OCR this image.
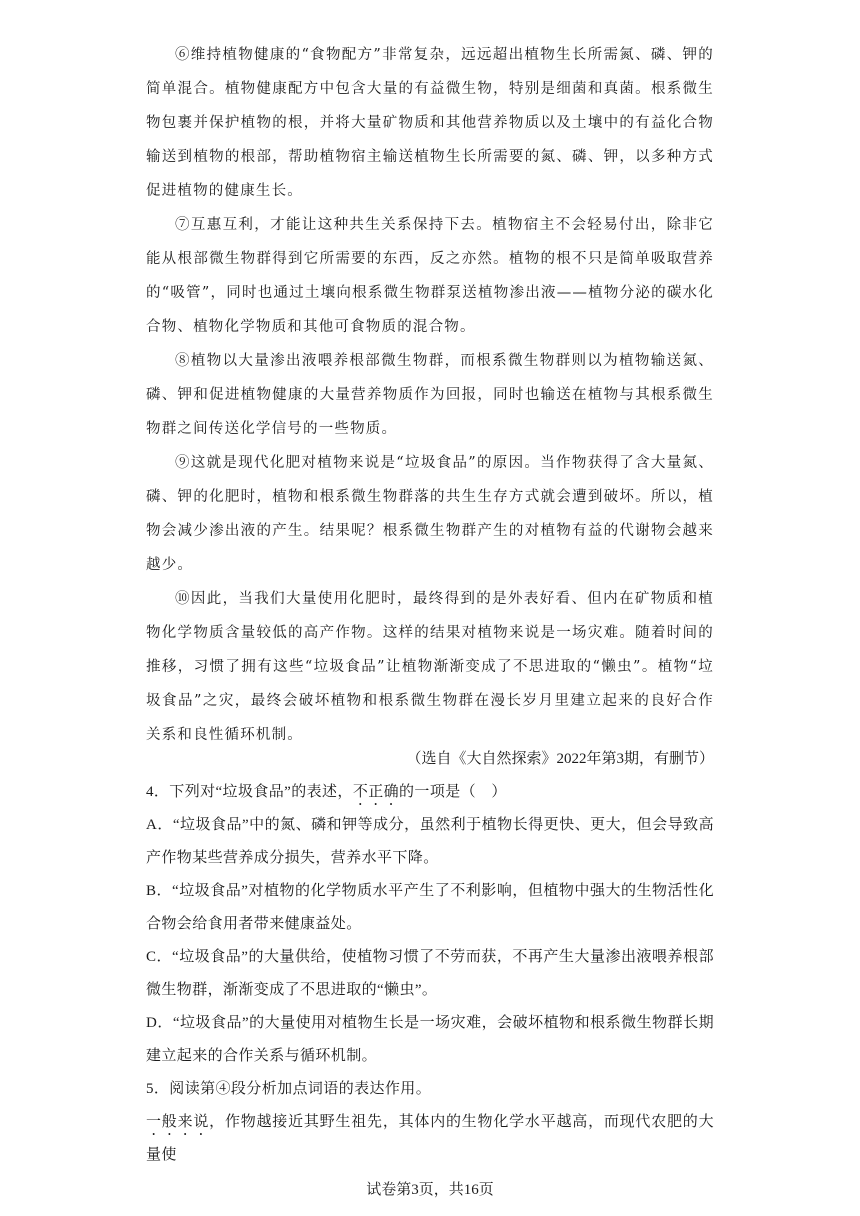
⑥维持植物健康的“食物配方”非常复杂，远远超出植物生长所需氮、磷、钾的简单混合。植物健康配方中包含大量的有益微生物，特别是细菌和真菌。根系微生物包裹并保护植物的根，并将大量矿物质和其他营养物质以及土壤中的有益化合物输送到植物的根部，帮助植物宿主输送植物生长所需要的氮、磷、钾，以多种方式促进植物的健康生长。

⑦互惠互利，才能让这种共生关系保持下去。植物宿主不会轻易付出，除非它能从根部微生物群得到它所需要的东西，反之亦然。植物的根不只是简单吸取营养的“吸管”，同时也通过土壤向根系微生物群泵送植物渗出液——植物分泌的碳水化合物、植物化学物质和其他可食物质的混合物。

⑧植物以大量渗出液喂养根部微生物群，而根系微生物群则以为植物输送氮、磷、钾和促进植物健康的大量营养物质作为回报，同时也输送在植物与其根系微生物群之间传送化学信号的一些物质。

⑨这就是现代化肥对植物来说是“垃圾食品”的原因。当作物获得了含大量氮、磷、钾的化肥时，植物和根系微生物群落的共生生存方式就会遭到破坏。所以，植物会减少渗出液的产生。结果呢？根系微生物群产生的对植物有益的代谢物会越来越少。

⑩因此，当我们大量使用化肥时，最终得到的是外表好看、但内在矿物质和植物化学物质含量较低的高产作物。这样的结果对植物来说是一场灾难。随着时间的推移，习惯了拥有这些“垃圾食品”让植物渐渐变成了不思进取的“懒虫”。植物“垃圾食品”之灾，最终会破坏植物和根系微生物群在漫长岁月里建立起来的良好合作关系和良性循环机制。

（选自《大自然探索》2022年第3期，有删节）

4．下列对“垃圾食品”的表述，不正确的一项是（　）

A．“垃圾食品”中的氮、磷和钾等成分，虽然利于植物长得更快、更大，但会导致高产作物某些营养成分损失，营养水平下降。

B．“垃圾食品”对植物的化学物质水平产生了不利影响，但植物中强大的生物活性化合物会给食用者带来健康益处。

C．“垃圾食品”的大量供给，使植物习惯了不劳而获，不再产生大量渗出液喂养根部微生物群，渐渐变成了不思进取的“懒虫”。

D．“垃圾食品”的大量使用对植物生长是一场灾难，会破坏植物和根系微生物群长期建立起来的合作关系与循环机制。

5．阅读第④段分析加点词语的表达作用。

一般来说，作物越接近其野生祖先，其体内的生物化学水平越高，而现代农肥的大量使

试卷第3页，共16页
